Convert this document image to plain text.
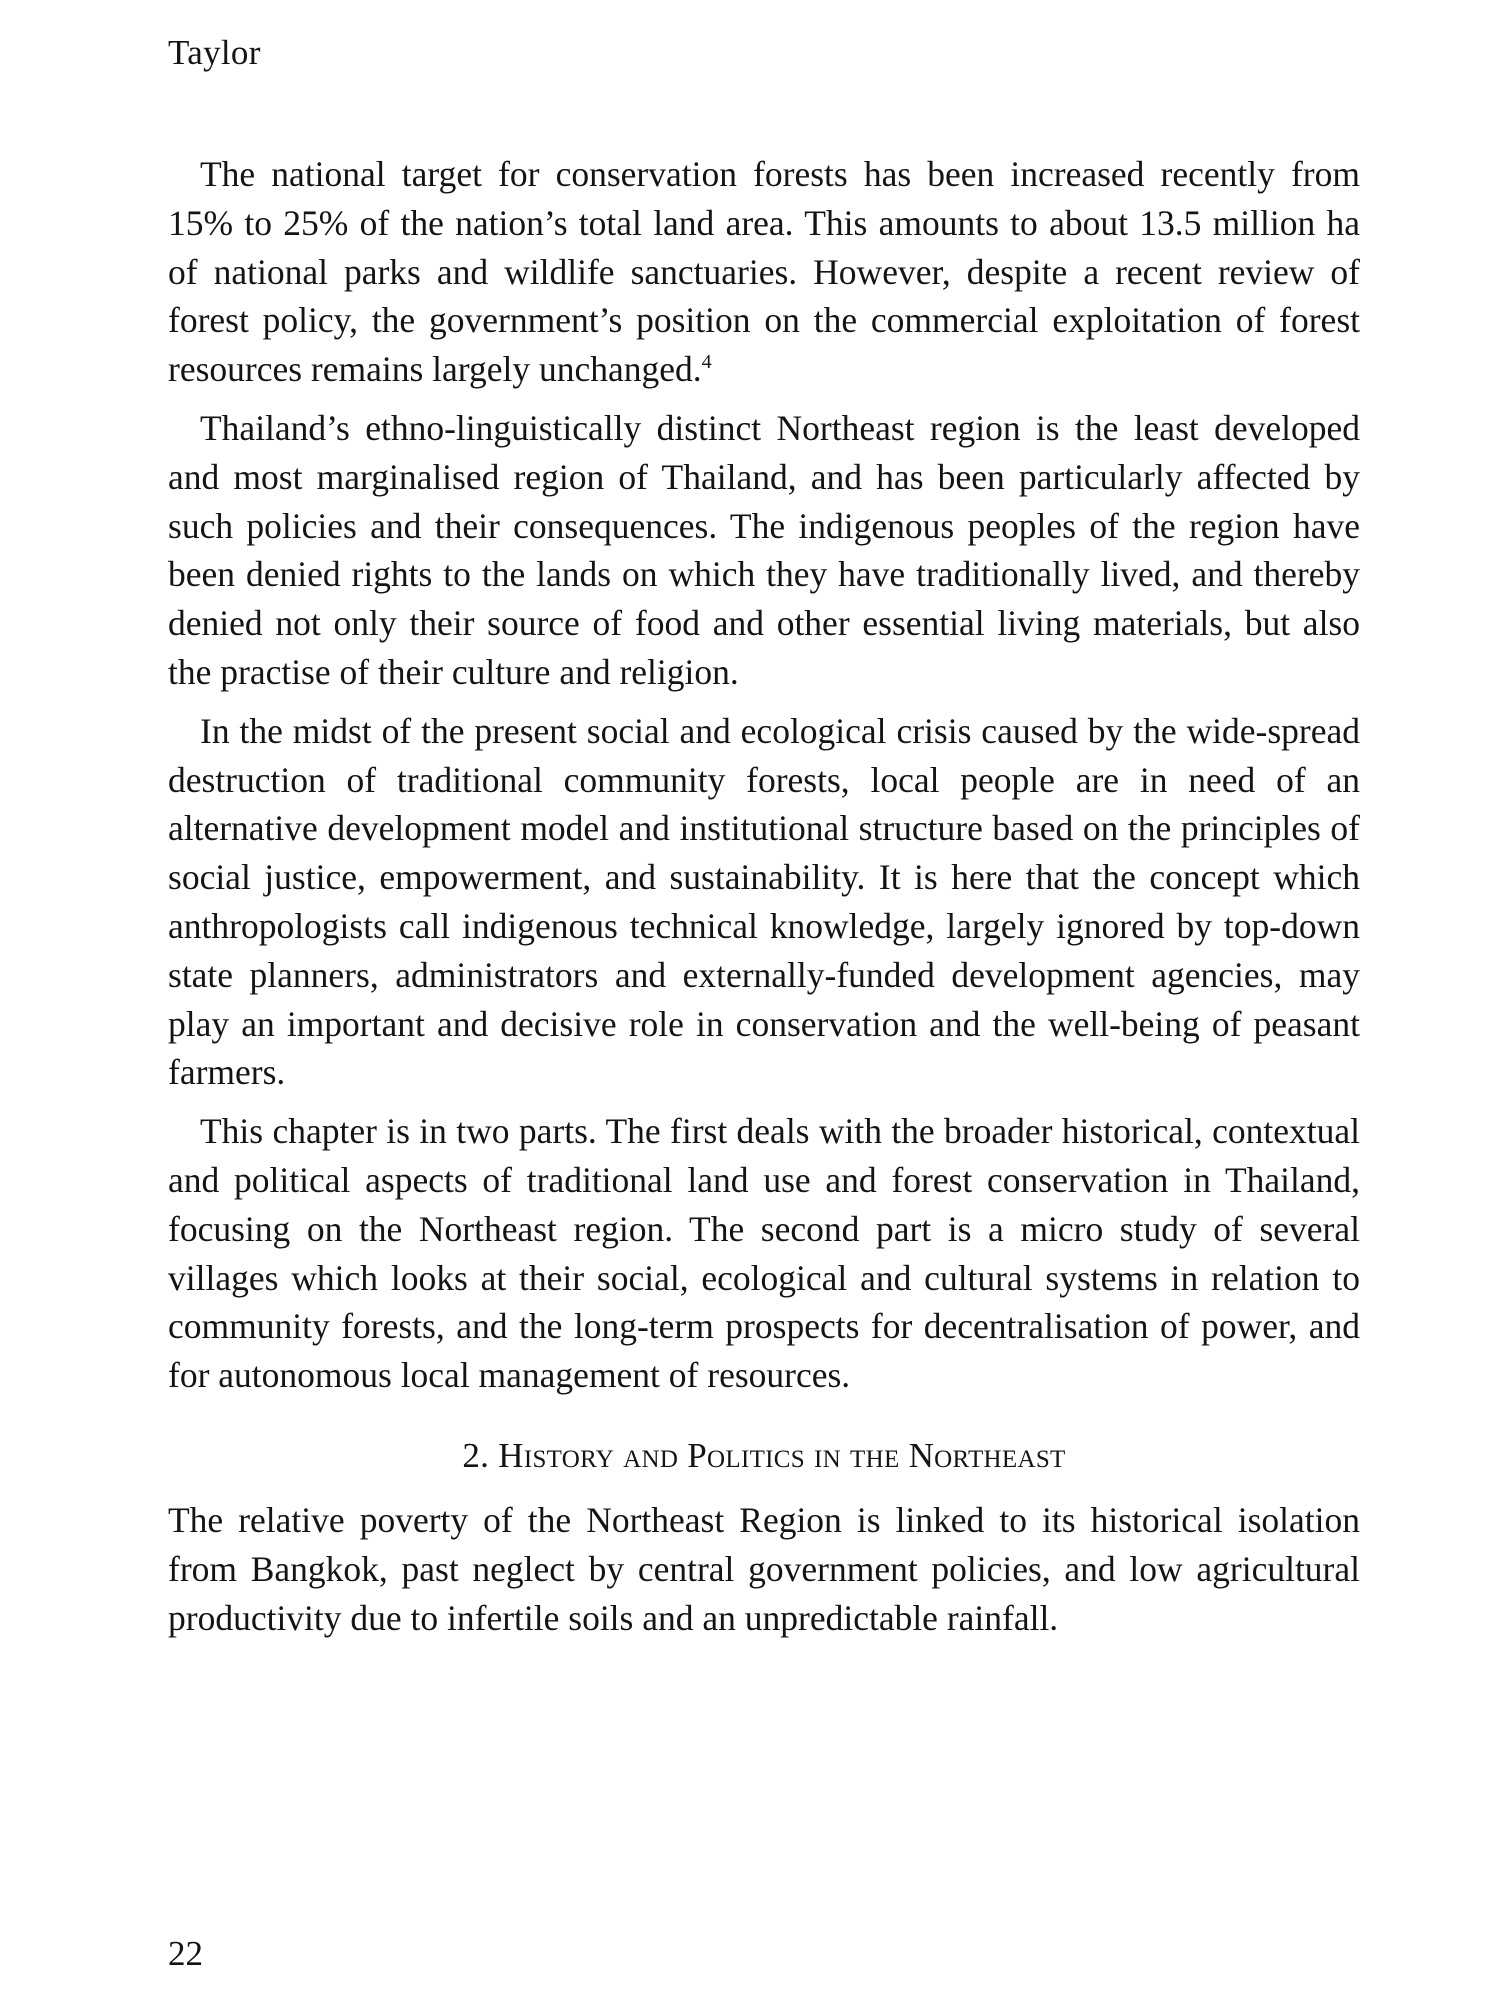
Taylor

The national target for conservation forests has been increased recently from 15% to 25% of the nation’s total land area. This amounts to about 13.5 million ha of national parks and wildlife sanctuaries. However, despite a recent review of forest policy, the government’s position on the commercial exploitation of forest resources remains largely unchanged.$^4$

Thailand’s ethno-linguistically distinct Northeast region is the least developed and most marginalised region of Thailand, and has been particularly affected by such policies and their consequences. The indigenous peoples of the region have been denied rights to the lands on which they have traditionally lived, and thereby denied not only their source of food and other essential living materials, but also the practise of their culture and religion.

In the midst of the present social and ecological crisis caused by the wide-spread destruction of traditional community forests, local people are in need of an alternative development model and institutional structure based on the principles of social justice, empowerment, and sustainability. It is here that the concept which anthropologists call indigenous technical knowledge, largely ignored by top-down state planners, administrators and externally-funded development agencies, may play an important and decisive role in conservation and the well-being of peasant farmers.

This chapter is in two parts. The first deals with the broader historical, contextual and political aspects of traditional land use and forest conservation in Thailand, focusing on the Northeast region. The second part is a micro study of several villages which looks at their social, ecological and cultural systems in relation to community forests, and the long-term prospects for decentralisation of power, and for autonomous local management of resources.

2. History and Politics in the Northeast

The relative poverty of the Northeast Region is linked to its historical isolation from Bangkok, past neglect by central government policies, and low agricultural productivity due to infertile soils and an unpredictable rainfall.

22
